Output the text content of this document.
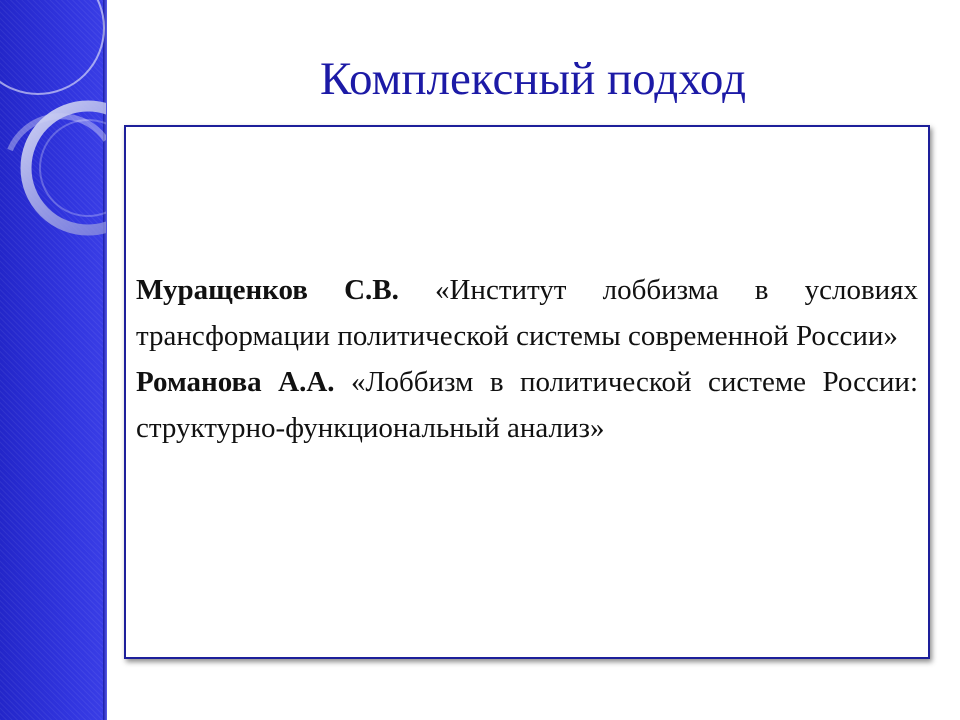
Комплексный подход

Муращенков С.В. «Институт лоббизма в условиях трансформации политической системы современной России»

Романова А.А. «Лоббизм в политической системе России: структурно-функциональный анализ»
